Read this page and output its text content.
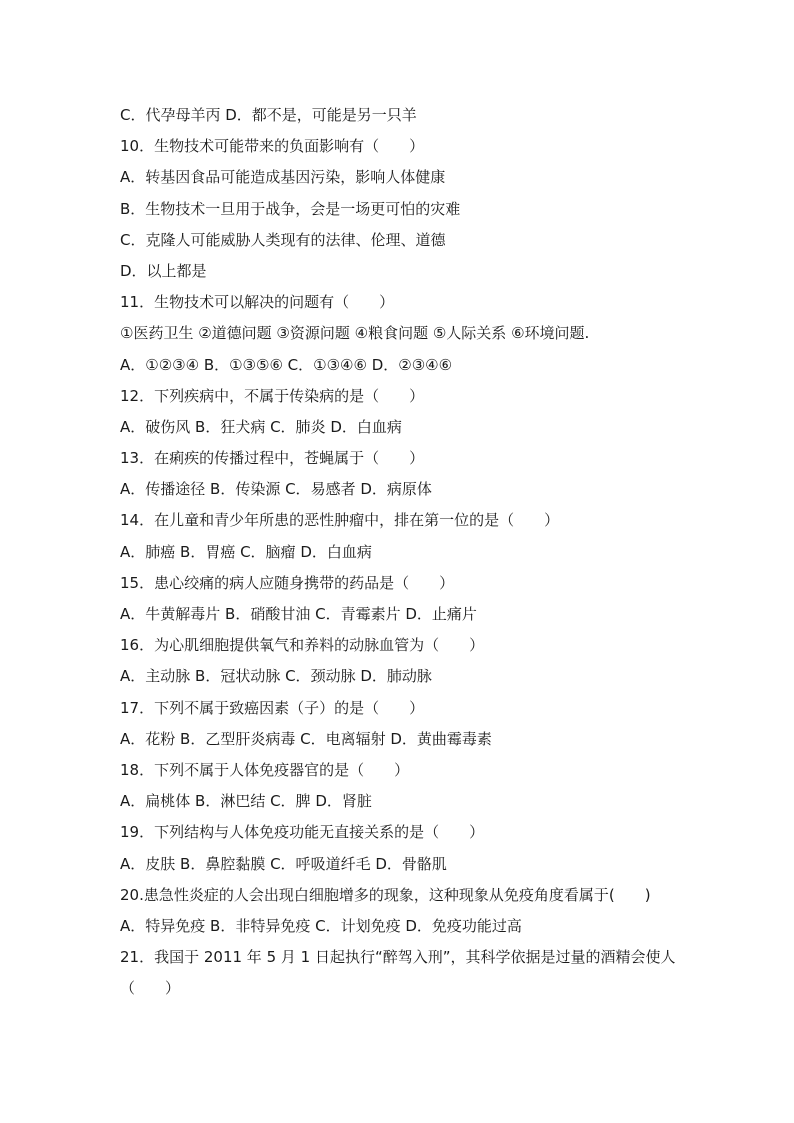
C．代孕母羊丙 D．都不是，可能是另一只羊
10．生物技术可能带来的负面影响有（　　）
A．转基因食品可能造成基因污染，影响人体健康
B．生物技术一旦用于战争，会是一场更可怕的灾难
C．克隆人可能威胁人类现有的法律、伦理、道德
D．以上都是
11．生物技术可以解决的问题有（　　）
①医药卫生 ②道德问题 ③资源问题 ④粮食问题 ⑤人际关系 ⑥环境问题.
A．①②③④ B．①③⑤⑥ C．①③④⑥ D．②③④⑥
12．下列疾病中，不属于传染病的是（　　）
A．破伤风 B．狂犬病 C．肺炎 D．白血病
13．在痢疾的传播过程中，苍蝇属于（　　）
A．传播途径 B．传染源 C．易感者 D．病原体
14．在儿童和青少年所患的恶性肿瘤中，排在第一位的是（　　）
A．肺癌 B．胃癌 C．脑瘤 D．白血病
15．患心绞痛的病人应随身携带的药品是（　　）
A．牛黄解毒片 B．硝酸甘油 C．青霉素片 D．止痛片
16．为心肌细胞提供氧气和养料的动脉血管为（　　）
A．主动脉 B．冠状动脉 C．颈动脉 D．肺动脉
17．下列不属于致癌因素（子）的是（　　）
A．花粉 B．乙型肝炎病毒 C．电离辐射 D．黄曲霉毒素
18．下列不属于人体免疫器官的是（　　）
A．扁桃体 B．淋巴结 C．脾 D．肾脏
19．下列结构与人体免疫功能无直接关系的是（　　）
A．皮肤 B．鼻腔黏膜 C．呼吸道纤毛 D．骨骼肌
20.患急性炎症的人会出现白细胞增多的现象，这种现象从免疫角度看属于(　　)
A．特异免疫 B．非特异免疫 C．计划免疫 D．免疫功能过高
21．我国于 2011 年 5 月 1 日起执行“醉驾入刑”，其科学依据是过量的酒精会使人（　　）
